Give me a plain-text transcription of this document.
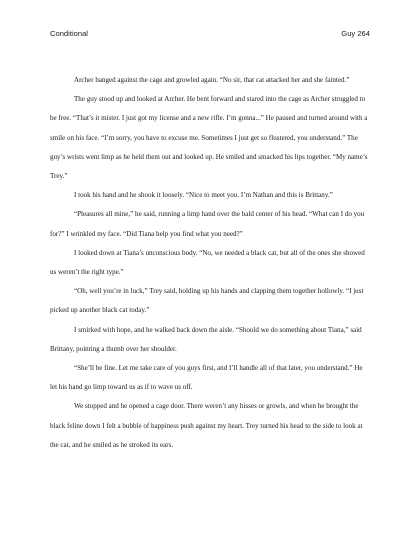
Conditional	Guy 264

Archer banged against the cage and growled again. “No sir, that cat attacked her and she fainted.”

The guy stood up and looked at Archer. He bent forward and stared into the cage as Archer struggled to be free. “That’s it mister. I just got my license and a new rifle. I’m gonna...” He paused and turned around with a smile on his face. “I’m sorry, you have to excuse me. Sometimes I just get so flustered, you understand.” The guy’s wrists went limp as he held them out and looked up. He smiled and smacked his lips together. “My name’s Trey.”

I took his hand and he shook it loosely. “Nice to meet you. I’m Nathan and this is Brittany.”

“Pleasures all mine,” he said, running a limp hand over the bald center of his head. “What can I do you for?” I wrinkled my face. “Did Tiana help you find what you need?”

I looked down at Tiana’s unconscious body. “No, we needed a black cat, but all of the ones she showed us weren’t the right type.”

“Oh, well you’re in luck,” Trey said, holding up his hands and clapping them together hollowly. “I just picked up another black cat today.”

I smirked with hope, and he walked back down the aisle. “Should we do something about Tiana,” said Brittany, pointing a thumb over her shoulder.

“She’ll be fine. Let me take care of you guys first, and I’ll handle all of that later, you understand.” He let his hand go limp toward us as if to wave us off.

We stopped and he opened a cage door. There weren’t any hisses or growls, and when he brought the black feline down I felt a bubble of happiness push against my heart. Trey turned his head to the side to look at the cat, and he smiled as he stroked its ears.
